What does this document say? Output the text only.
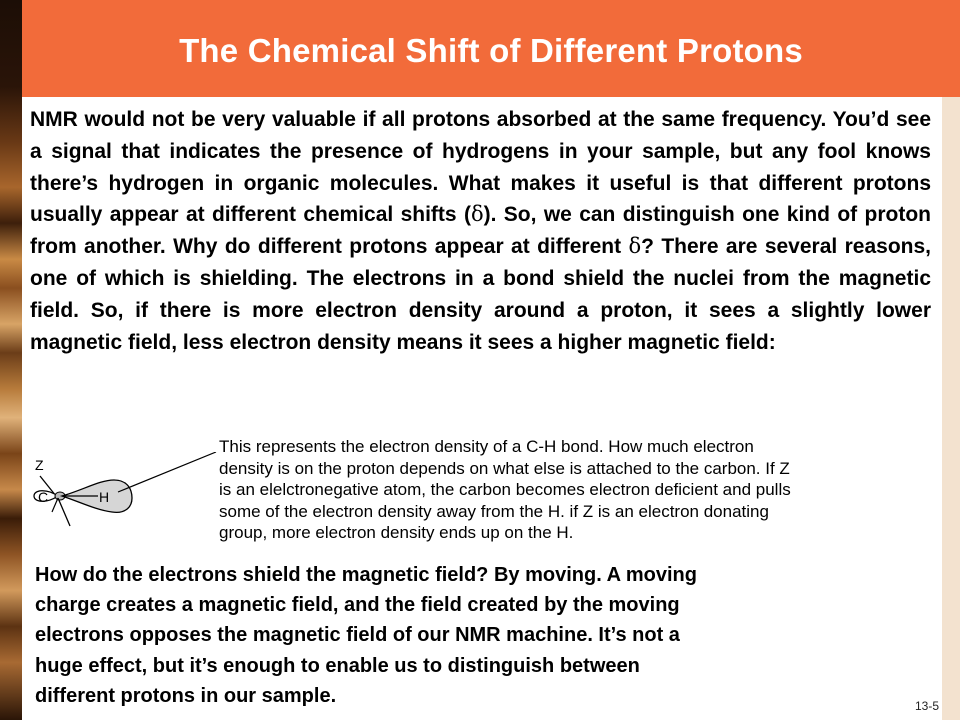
The Chemical Shift of Different Protons

NMR would not be very valuable if all protons absorbed at the same frequency. You’d see a signal that indicates the presence of hydrogens in your sample, but any fool knows there’s hydrogen in organic molecules. What makes it useful is that different protons usually appear at different chemical shifts (δ). So, we can distinguish one kind of proton from another. Why do different protons appear at different δ? There are several reasons, one of which is shielding. The electrons in a bond shield the nuclei from the magnetic field. So, if there is more electron density around a proton, it sees a slightly lower magnetic field, less electron density means it sees a higher magnetic field:

Z
C	H

This represents the electron density of a C-H bond. How much electron
density is on the proton depends on what else is attached to the carbon. If Z
is an elelctronegative atom, the carbon becomes electron deficient and pulls
some of the electron density away from the H. if Z is an electron donating
group, more electron density ends up on the H.

How do the electrons shield the magnetic field? By moving. A moving
charge creates a magnetic field, and the field created by the moving
electrons opposes the magnetic field of our NMR machine. It’s not a
huge effect, but it’s enough to enable us to distinguish between
different protons in our sample.	13-5
